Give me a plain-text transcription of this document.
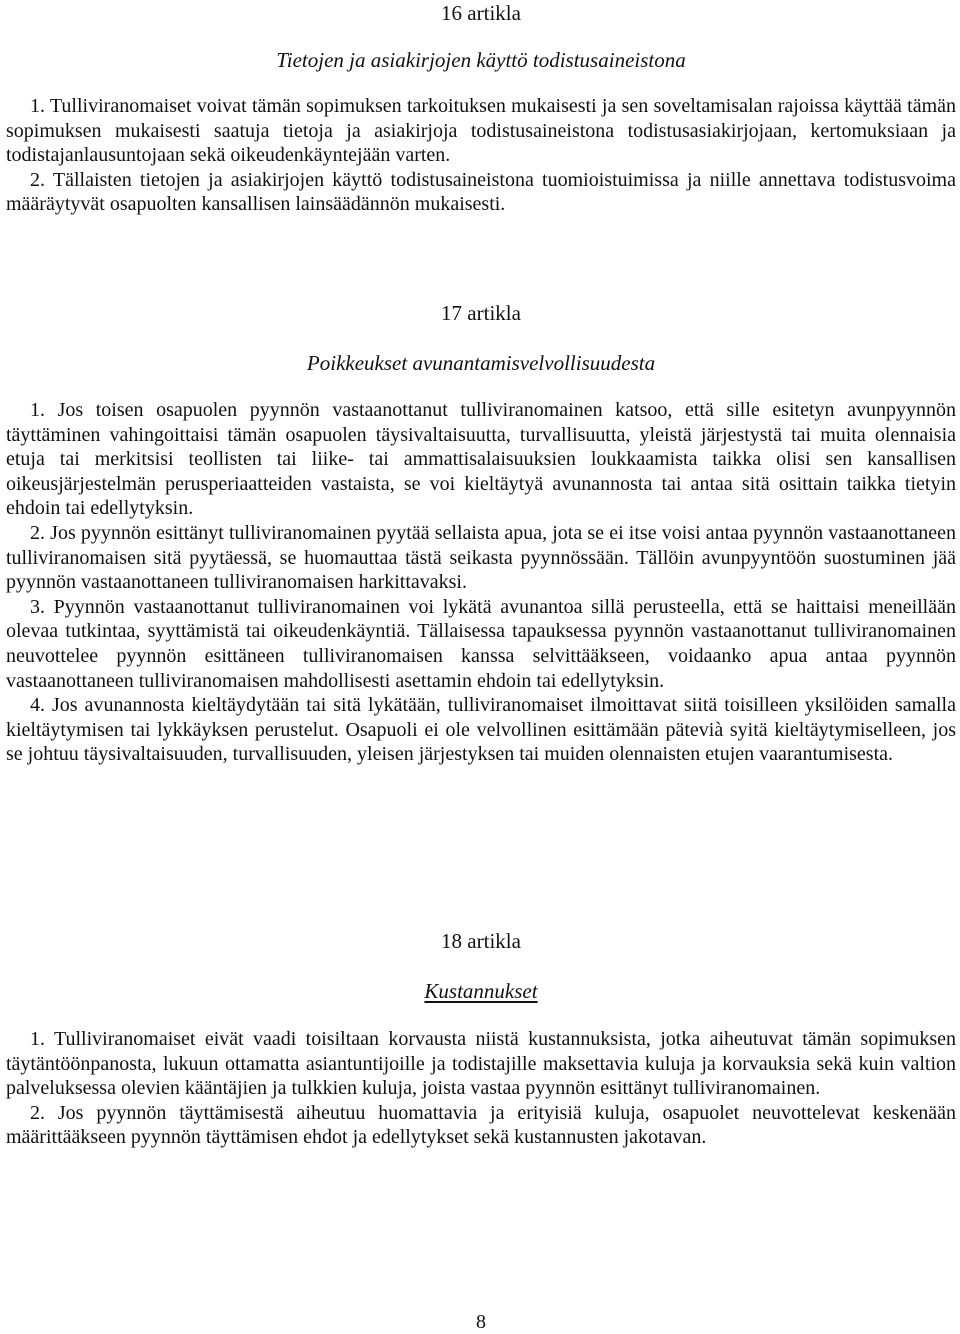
16 artikla
Tietojen ja asiakirjojen käyttö todistusaineistona

1. Tulliviranomaiset voivat tämän sopimuksen tarkoituksen mukaisesti ja sen soveltamisalan rajoissa käyttää tämän sopimuksen mukaisesti saatuja tietoja ja asiakirjoja todistusaineistona todistusasiakirjojaan, kertomuksiaan ja todistajanlausuntojaan sekä oikeudenkäyntejään varten.

2. Tällaisten tietojen ja asiakirjojen käyttö todistusaineistona tuomioistuimissa ja niille annettava todistusvoima määräytyvät osapuolten kansallisen lainsäädännön mukaisesti.

17 artikla
Poikkeukset avunantamisvelvollisuudesta

1. Jos toisen osapuolen pyynnön vastaanottanut tulliviranomainen katsoo, että sille esitetyn avunpyynnön täyttäminen vahingoittaisi tämän osapuolen täysivaltaisuutta, turvallisuutta, yleistä järjestystä tai muita olennaisia etuja tai merkitsisi teollisten tai liike- tai ammattisalaisuuksien loukkaamista taikka olisi sen kansallisen oikeusjärjestelmän perusperiaatteiden vastaista, se voi kieltäytyä avunannosta tai antaa sitä osittain taikka tietyin ehdoin tai edellytyksin.

2. Jos pyynnön esittänyt tulliviranomainen pyytää sellaista apua, jota se ei itse voisi antaa pyynnön vastaanottaneen tulliviranomaisen sitä pyytäessä, se huomauttaa tästä seikasta pyynnössään. Tällöin avunpyyntöön suostuminen jää pyynnön vastaanottaneen tulliviranomaisen harkittavaksi.

3. Pyynnön vastaanottanut tulliviranomainen voi lykätä avunantoa sillä perusteella, että se haittaisi meneillään olevaa tutkintaa, syyttämistä tai oikeudenkäyntiä. Tällaisessa tapauksessa pyynnön vastaanottanut tulliviranomainen neuvottelee pyynnön esittäneen tulliviranomaisen kanssa selvittääkseen, voidaanko apua antaa pyynnön vastaanottaneen tulliviranomaisen mahdollisesti asettamin ehdoin tai edellytyksin.

4. Jos avunannosta kieltäydytään tai sitä lykätään, tulliviranomaiset ilmoittavat siitä toisilleen yksilöiden samalla kieltäytymisen tai lykkäyksen perustelut. Osapuoli ei ole velvollinen esittämään pätevià syitä kieltäytymiselleen, jos se johtuu täysivaltaisuuden, turvallisuuden, yleisen järjestyksen tai muiden olennaisten etujen vaarantumisesta.

18 artikla
Kustannukset

1. Tulliviranomaiset eivät vaadi toisiltaan korvausta niistä kustannuksista, jotka aiheutuvat tämän sopimuksen täytäntöönpanosta, lukuun ottamatta asiantuntijoille ja todistajille maksettavia kuluja ja korvauksia sekä kuin valtion palveluksessa olevien kääntäjien ja tulkkien kuluja, joista vastaa pyynnön esittänyt tulliviranomainen.

2. Jos pyynnön täyttämisestä aiheutuu huomattavia ja erityisiä kuluja, osapuolet neuvottelevat keskenään määrittääkseen pyynnön täyttämisen ehdot ja edellytykset sekä kustannusten jakotavan.

8
